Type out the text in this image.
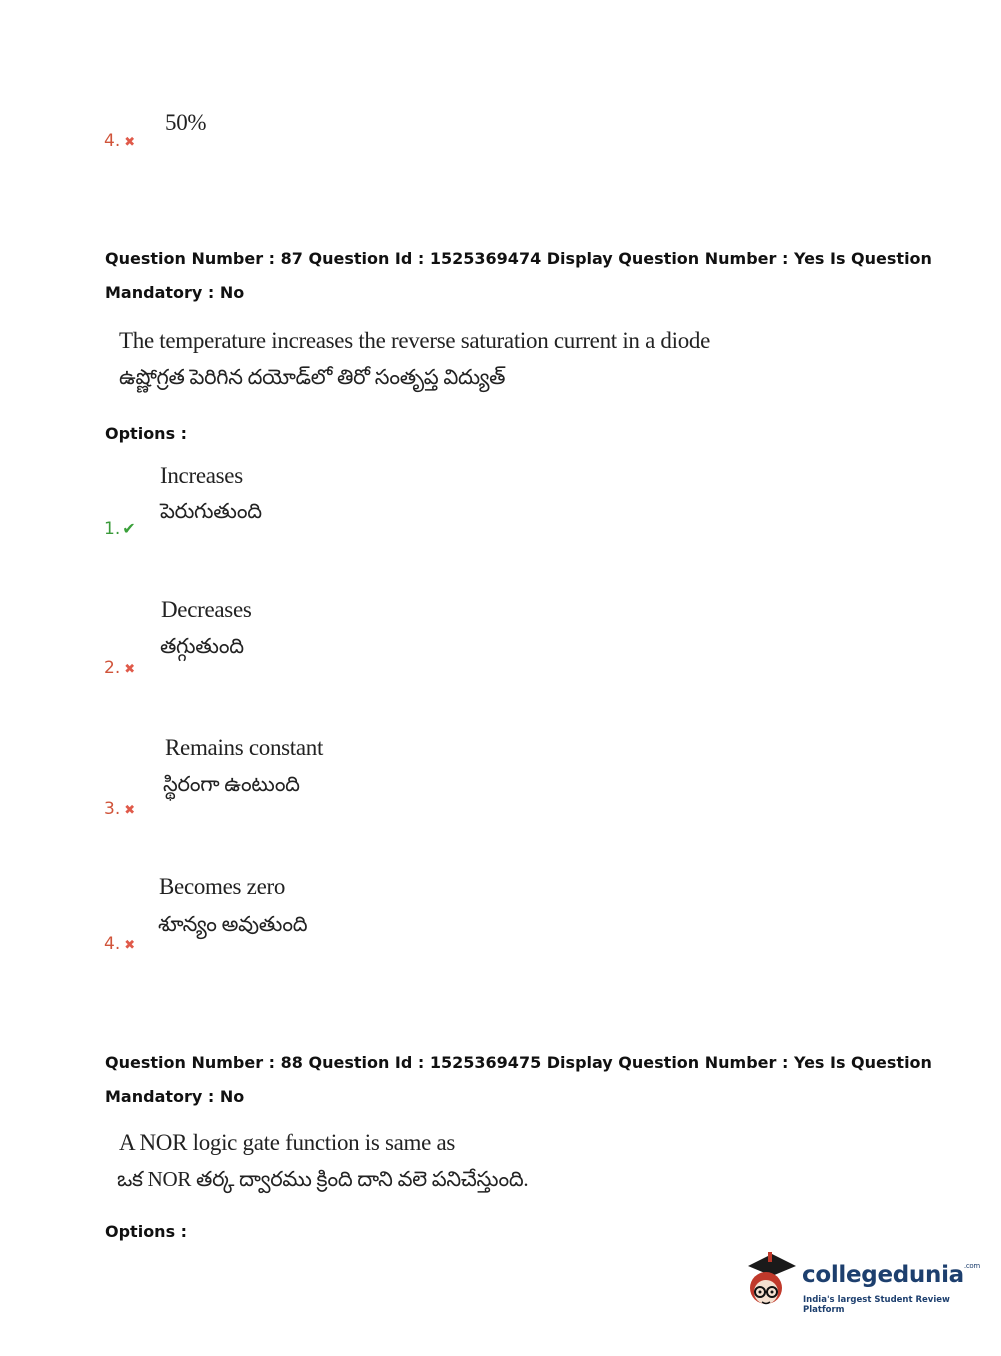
50%
4. ✖
Question Number : 87 Question Id : 1525369474 Display Question Number : Yes Is Question
Mandatory : No
The temperature increases the reverse saturation current in a diode
ఉష్ణోగ్రత పెరిగిన దయోడ్‌లో తిరో సంతృప్త విద్యుత్
Options :
Increases
పెరుగుతుంది
1. ✔
Decreases
తగ్గుతుంది
2. ✖
Remains constant
స్థిరంగా ఉంటుంది
3. ✖
Becomes zero
శూన్యం అవుతుంది
4. ✖
Question Number : 88 Question Id : 1525369475 Display Question Number : Yes Is Question
Mandatory : No
A NOR logic gate function is same as
ఒక NOR తర్క ద్వారము క్రింది దాని వలె పనిచేస్తుంది.
Options :
collegedunia$^{.com}$
India's largest Student Review Platform
